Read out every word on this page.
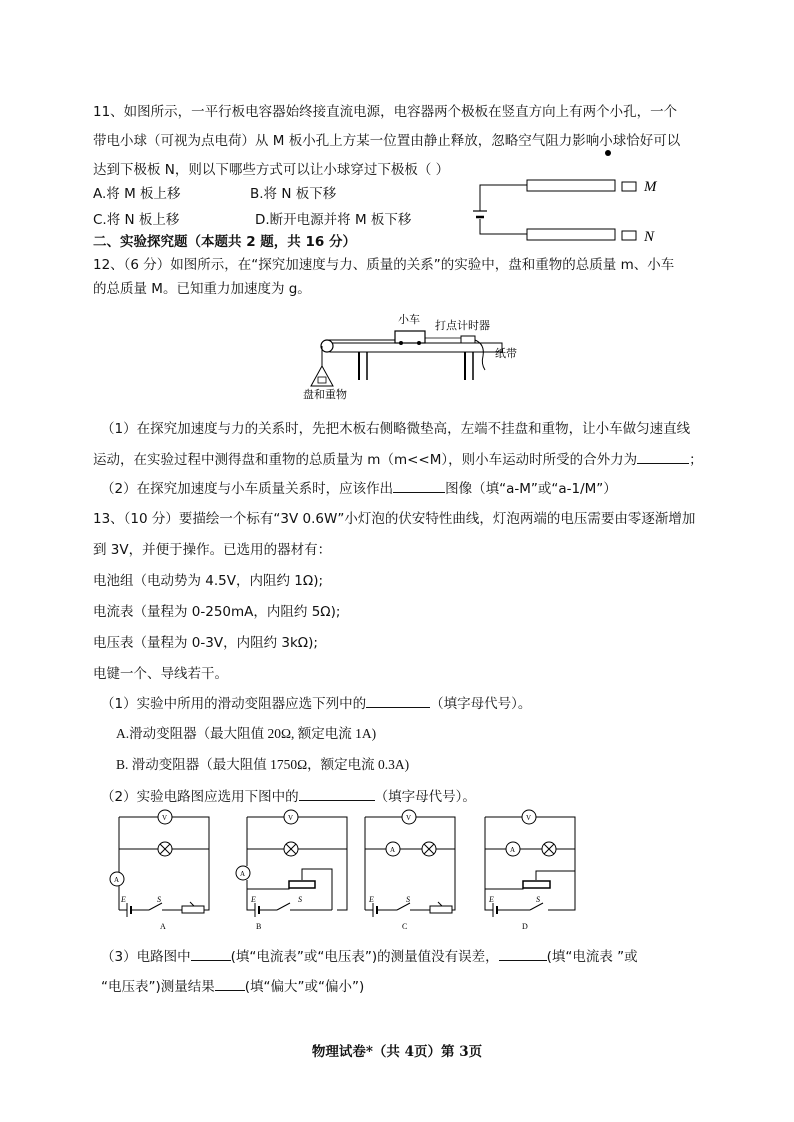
11、如图所示，一平行板电容器始终接直流电源，电容器两个极板在竖直方向上有两个小孔，一个
带电小球（可视为点电荷）从 M 板小孔上方某一位置由静止释放，忽略空气阻力影响小球恰好可以
达到下极板 N，则以下哪些方式可以让小球穿过下极板（ ）
A.将 M 板上移	B.将 N 板下移
C.将 N 板上移	D.断开电源并将 M 板下移
M
N
二、实验探究题（本题共 2 题，共 16 分）
12、（6 分）如图所示，在“探究加速度与力、质量的关系”的实验中，盘和重物的总质量 m、小车
的总质量 M。已知重力加速度为 g。
小车 打点计时器
纸带
盘和重物
（1）在探究加速度与力的关系时，先把木板右侧略微垫高，左端不挂盘和重物，让小车做匀速直线
运动，在实验过程中测得盘和重物的总质量为 m（m<<M），则小车运动时所受的合外力为	；
（2）在探究加速度与小车质量关系时，应该作出	图像（填“a-M”或“a-1/M”）
13、（10 分）要描绘一个标有“3V 0.6W”小灯泡的伏安特性曲线，灯泡两端的电压需要由零逐渐增加
到 3V，并便于操作。已选用的器材有：
电池组（电动势为 4.5V，内阻约 1Ω);
电流表（量程为 0-250mA，内阻约 5Ω);
电压表（量程为 0-3V，内阻约 3kΩ);
电键一个、导线若干。
（1）实验中所用的滑动变阻器应选下列中的	（填字母代号）。
A.滑动变阻器（最大阻值 20Ω, 额定电流 1A)
B. 滑动变阻器（最大阻值 1750Ω，额定电流 0.3A)
（2）实验电路图应选用下图中的	（填字母代号）。
V
A
E	S
A
V
A
E	S
B
V
A
E	S
C
V
A
E	S
D
（3）电路图中	(填“电流表”或“电压表”)的测量值没有误差，	(填“电流表 ”或
“电压表”)测量结果 (填“偏大”或“偏小”)
物理试卷*（共 4页）第 3页
